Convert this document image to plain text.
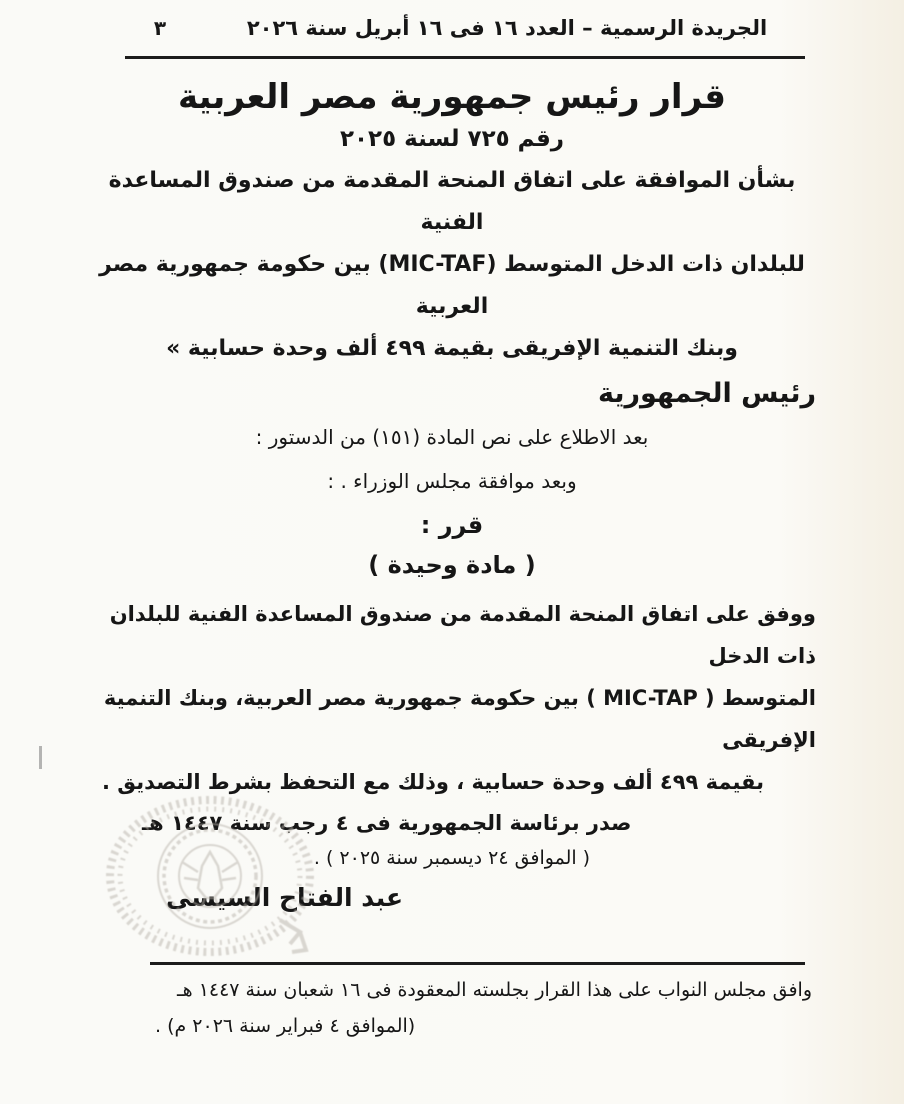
٣	الجريدة الرسمية – العدد ١٦ فى ١٦ أبريل سنة ٢٠٢٦
قرار رئيس جمهورية مصر العربية
رقم ٧٢٥ لسنة ٢٠٢٥
بشأن الموافقة على اتفاق المنحة المقدمة من صندوق المساعدة الفنية
للبلدان ذات الدخل المتوسط (MIC-TAF) بين حكومة جمهورية مصر العربية
وبنك التنمية الإفريقى بقيمة ٤٩٩ ألف وحدة حسابية »
رئيس الجمهورية
بعد الاطلاع على نص المادة (١٥١) من الدستور :
وبعد موافقة مجلس الوزراء . :
قرر :
( مادة وحيدة )
ووفق على اتفاق المنحة المقدمة من صندوق المساعدة الفنية للبلدان ذات الدخل
المتوسط ( MIC-TAP ) بين حكومة جمهورية مصر العربية، وبنك التنمية الإفريقى
بقيمة ٤٩٩ ألف وحدة حسابية ، وذلك مع التحفظ بشرط التصديق .
صدر برئاسة الجمهورية فى ٤ رجب سنة ١٤٤٧ هـ
( الموافق ٢٤ ديسمبر سنة ٢٠٢٥ ) .
عبد الفتاح السيسى
وافق مجلس النواب على هذا القرار بجلسته المعقودة فى ١٦ شعبان سنة ١٤٤٧ هـ
(الموافق ٤ فبراير سنة ٢٠٢٦ م) .
